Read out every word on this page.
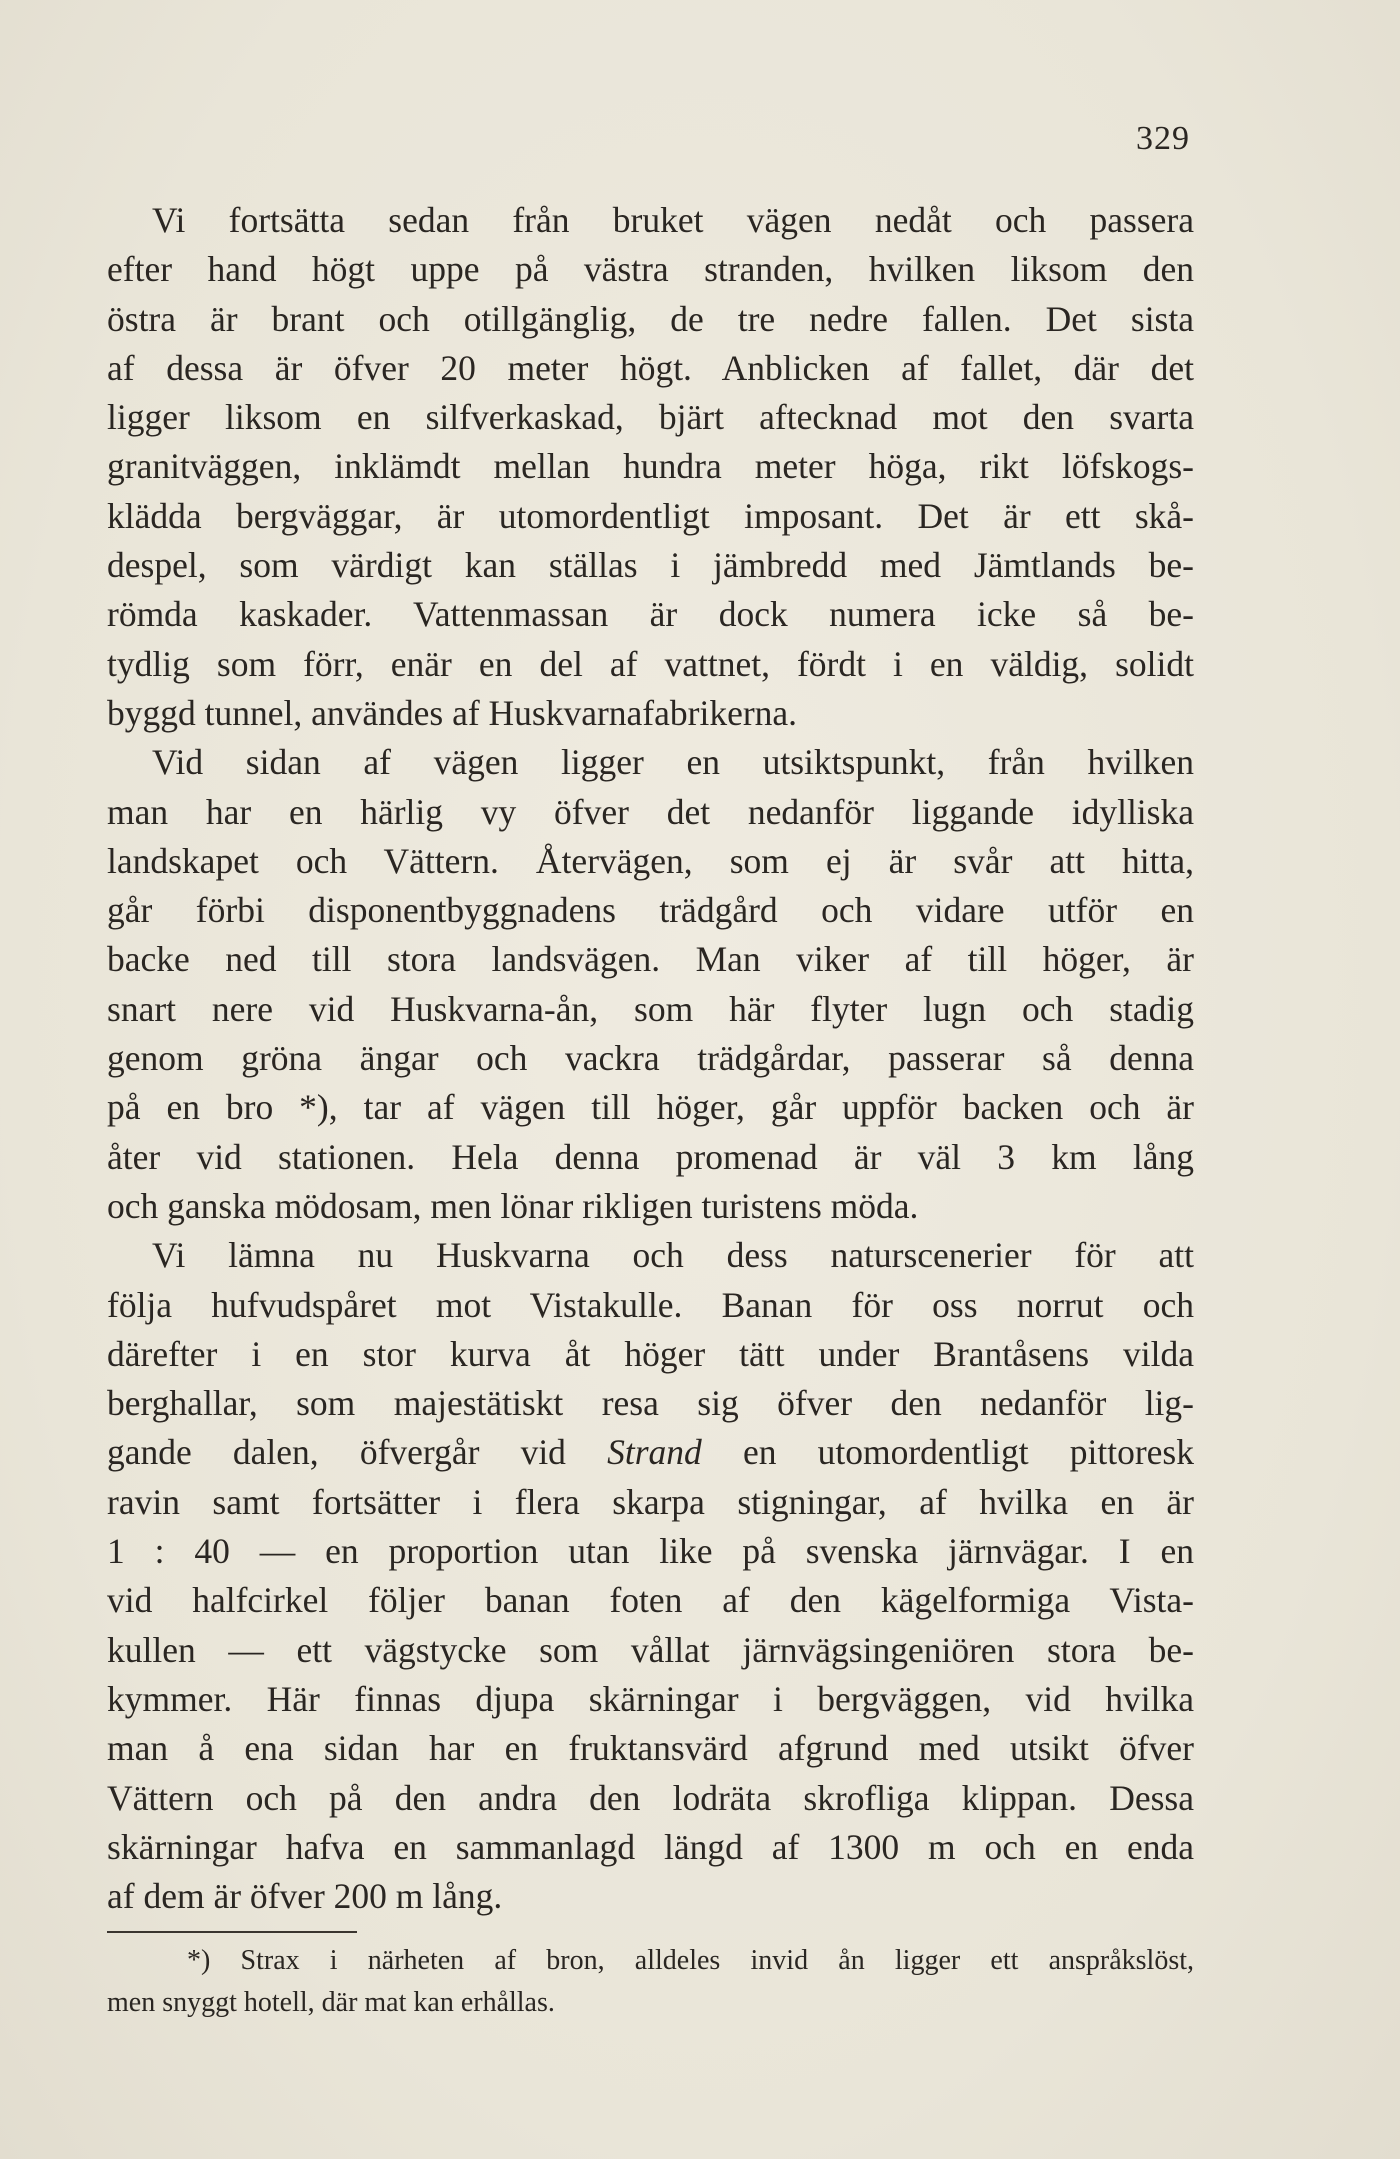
329
Vi fortsätta sedan från bruket vägen nedåt och passera
efter hand högt uppe på västra stranden, hvilken liksom den
östra är brant och otillgänglig, de tre nedre fallen. Det sista
af dessa är öfver 20 meter högt. Anblicken af fallet, där det
ligger liksom en silfverkaskad, bjärt aftecknad mot den svarta
granitväggen, inklämdt mellan hundra meter höga, rikt löfskogs-
klädda bergväggar, är utomordentligt imposant. Det är ett skå-
despel, som värdigt kan ställas i jämbredd med Jämtlands be-
römda kaskader. Vattenmassan är dock numera icke så be-
tydlig som förr, enär en del af vattnet, fördt i en väldig, solidt
byggd tunnel, användes af Huskvarnafabrikerna.
Vid sidan af vägen ligger en utsiktspunkt, från hvilken
man har en härlig vy öfver det nedanför liggande idylliska
landskapet och Vättern. Återvägen, som ej är svår att hitta,
går förbi disponentbyggnadens trädgård och vidare utför en
backe ned till stora landsvägen. Man viker af till höger, är
snart nere vid Huskvarna-ån, som här flyter lugn och stadig
genom gröna ängar och vackra trädgårdar, passerar så denna
på en bro *), tar af vägen till höger, går uppför backen och är
åter vid stationen. Hela denna promenad är väl 3 km lång
och ganska mödosam, men lönar rikligen turistens möda.
Vi lämna nu Huskvarna och dess naturscenerier för att
följa hufvudspåret mot Vistakulle. Banan för oss norrut och
därefter i en stor kurva åt höger tätt under Brantåsens vilda
berghallar, som majestätiskt resa sig öfver den nedanför lig-
gande dalen, öfvergår vid Strand en utomordentligt pittoresk
ravin samt fortsätter i flera skarpa stigningar, af hvilka en är
1 : 40 — en proportion utan like på svenska järnvägar. I en
vid halfcirkel följer banan foten af den kägelformiga Vista-
kullen — ett vägstycke som vållat järnvägsingeniören stora be-
kymmer. Här finnas djupa skärningar i bergväggen, vid hvilka
man å ena sidan har en fruktansvärd afgrund med utsikt öfver
Vättern och på den andra den lodräta skrofliga klippan. Dessa
skärningar hafva en sammanlagd längd af 1300 m och en enda
af dem är öfver 200 m lång.
*) Strax i närheten af bron, alldeles invid ån ligger ett anspråkslöst,
men snyggt hotell, där mat kan erhållas.
